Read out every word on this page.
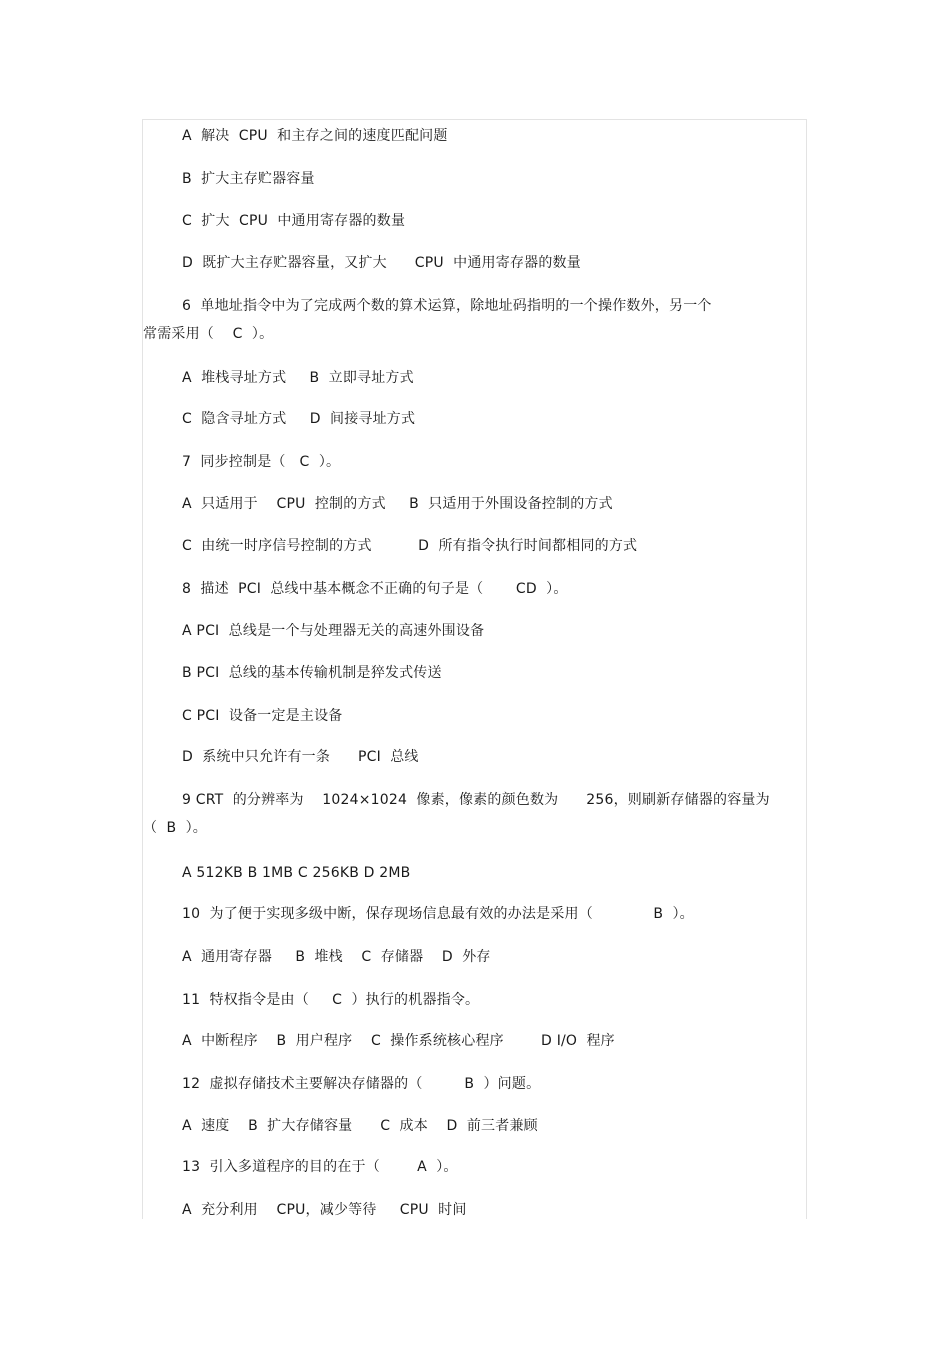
A  解决  CPU  和主存之间的速度匹配问题
B  扩大主存贮器容量
C  扩大  CPU  中通用寄存器的数量
D  既扩大主存贮器容量，又扩大      CPU  中通用寄存器的数量
6  单地址指令中为了完成两个数的算术运算，除地址码指明的一个操作数外，另一个
常需采用（    C  ）。
A  堆栈寻址方式     B  立即寻址方式
C  隐含寻址方式     D  间接寻址方式
7  同步控制是（   C  ）。
A  只适用于    CPU  控制的方式     B  只适用于外围设备控制的方式
C  由统一时序信号控制的方式          D  所有指令执行时间都相同的方式
8  描述  PCI  总线中基本概念不正确的句子是（       CD  ）。
A PCI  总线是一个与处理器无关的高速外围设备
B PCI  总线的基本传输机制是猝发式传送
C PCI  设备一定是主设备
D  系统中只允许有一条      PCI  总线
9 CRT  的分辨率为    1024×1024  像素，像素的颜色数为      256，则刷新存储器的容量为
（  B  ）。
A 512KB B 1MB C 256KB D 2MB
10  为了便于实现多级中断，保存现场信息最有效的办法是采用（             B  ）。
A  通用寄存器     B  堆栈    C  存储器    D  外存
11  特权指令是由（     C  ）执行的机器指令。
A  中断程序    B  用户程序    C  操作系统核心程序        D I/O  程序
12  虚拟存储技术主要解决存储器的（         B  ）问题。
A  速度    B  扩大存储容量      C  成本    D  前三者兼顾
13  引入多道程序的目的在于（        A  ）。
A  充分利用    CPU，减少等待     CPU  时间
